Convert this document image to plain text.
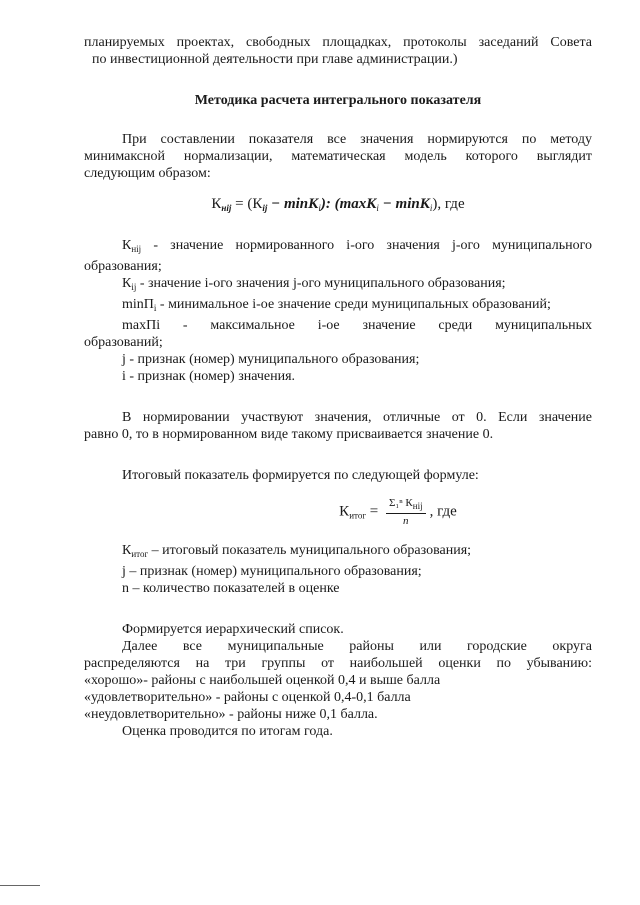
планируемых проектах, свободных площадках, протоколы заседаний Совета
по инвестиционной деятельности при главе администрации.)
Методика расчета интегрального показателя
При составлении показателя все значения нормируются по методу
минимаксной нормализации, математическая модель которого выглядит
следующим образом:
$К_{нij} = (К_{ij} - \min К_i)$: (maxК$_i$ − minК$_i$), где
$К_{нij}$ - значение нормированного i-ого значения j-ого муниципального
образования;
$К_{ij}$ - значение i-ого значения j-ого муниципального образования;
minП$_i$ - минимальное i-ое значение среди муниципальных образований;
maxПi - максимальное i-ое значение среди муниципальных
образований;
j - признак (номер) муниципального образования;
i - признак (номер) значения.
В нормировании участвуют значения, отличные от 0. Если значение
равно 0, то в нормированном виде такому присваивается значение 0.
Итоговый показатель формируется по следующей формуле:
$К_{итог} = \frac{\Sigma_1^n К_{нij}}{n}$ , где
$К_{итог}$ – итоговый показатель муниципального образования;
j – признак (номер) муниципального образования;
n – количество показателей в оценке
Формируется иерархический список.
Далее все муниципальные районы или городские округа
распределяются на три группы от наибольшей оценки по убыванию:
«хорошо»- районы с наибольшей оценкой 0,4 и выше балла
«удовлетворительно» - районы с оценкой 0,4-0,1 балла
«неудовлетворительно» - районы ниже 0,1 балла.
Оценка проводится по итогам года.
